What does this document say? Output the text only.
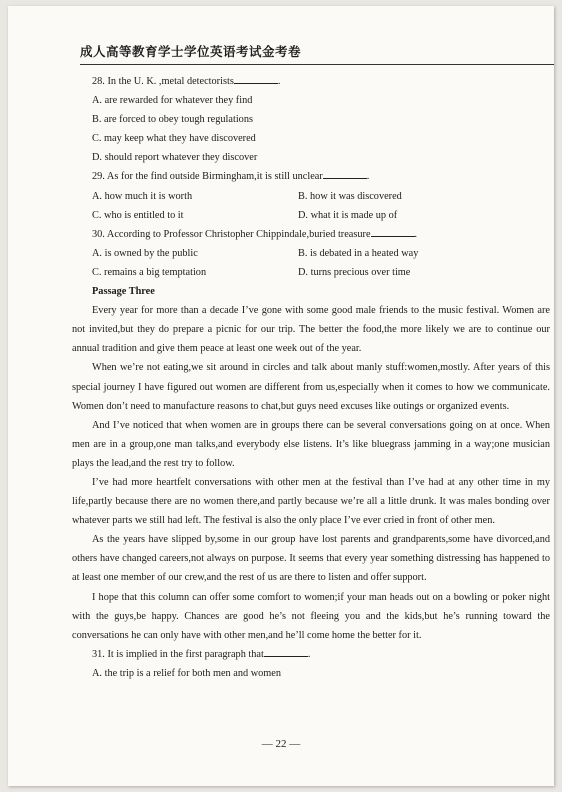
成人高等教育学士学位英语考试金考卷
28. In the U. K. ,metal detectorists	.
A. are rewarded for whatever they find
B. are forced to obey tough regulations
C. may keep what they have discovered
D. should report whatever they discover
29. As for the find outside Birmingham,it is still unclear	.
A. how much it is worth	B. how it was discovered
C. who is entitled to it	D. what it is made up of
30. According to Professor Christopher Chippindale,buried treasure	.
A. is owned by the public	B. is debated in a heated way
C. remains a big temptation	D. turns precious over time
Passage Three

Every year for more than a decade I’ve gone with some good male friends to the music festival. Women are not invited,but they do prepare a picnic for our trip. The better the food,the more likely we are to continue our annual tradition and give them peace at least one week out of the year.

When we’re not eating,we sit around in circles and talk about manly stuff:women,mostly. After years of this special journey I have figured out women are different from us,especially when it comes to how we communicate. Women don’t need to manufacture reasons to chat,but guys need excuses like outings or organized events.

And I’ve noticed that when women are in groups there can be several conversations going on at once. When men are in a group,one man talks,and everybody else listens. It’s like bluegrass jamming in a way;one musician plays the lead,and the rest try to follow.

I’ve had more heartfelt conversations with other men at the festival than I’ve had at any other time in my life,partly because there are no women there,and partly because we’re all a little drunk. It was males bonding over whatever parts we still had left. The festival is also the only place I’ve ever cried in front of other men.

As the years have slipped by,some in our group have lost parents and grandparents,some have divorced,and others have changed careers,not always on purpose. It seems that every year something distressing has happened to at least one member of our crew,and the rest of us are there to listen and offer support.

I hope that this column can offer some comfort to women;if your man heads out on a bowling or poker night with the guys,be happy. Chances are good he’s not fleeing you and the kids,but he’s running toward the conversations he can only have with other men,and he’ll come home the better for it.

31. It is implied in the first paragraph that	.
A. the trip is a relief for both men and women
— 22 —
